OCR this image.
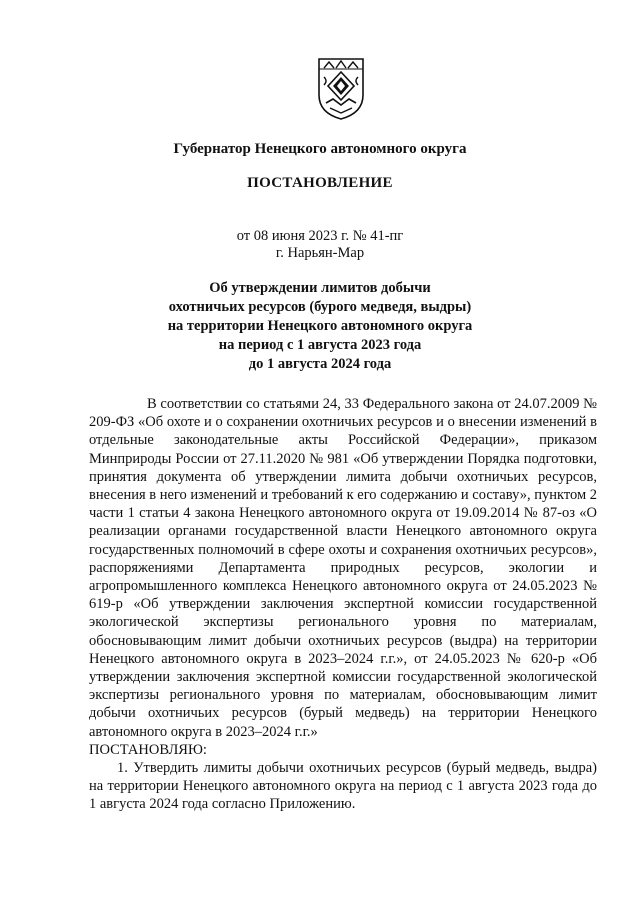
Губернатор Ненецкого автономного округа
ПОСТАНОВЛЕНИЕ
от 08 июня 2023 г. № 41-пг
г. Нарьян-Мар
Об утверждении лимитов добычи
охотничьих ресурсов (бурого медведя, выдры)
на территории Ненецкого автономного округа
на период с 1 августа 2023 года
до 1 августа 2024 года

В соответствии со статьями 24, 33 Федерального закона от 24.07.2009 № 209-ФЗ «Об охоте и о сохранении охотничьих ресурсов и о внесении изменений в отдельные законодательные акты Российской Федерации», приказом Минприроды России от 27.11.2020 № 981 «Об утверждении Порядка подготовки, принятия документа об утверждении лимита добычи охотничьих ресурсов, внесения в него изменений и требований к его содержанию и составу», пунктом 2 части 1 статьи 4 закона Ненецкого автономного округа от 19.09.2014 № 87-оз «О реализации органами государственной власти Ненецкого автономного округа государственных полномочий в сфере охоты и сохранения охотничьих ресурсов», распоряжениями Департамента природных ресурсов, экологии и агропромышленного комплекса Ненецкого автономного округа от 24.05.2023 № 619-р «Об утверждении заключения экспертной комиссии государственной экологической экспертизы регионального уровня по материалам, обосновывающим лимит добычи охотничьих ресурсов (выдра) на территории Ненецкого автономного округа в 2023–2024 г.г.», от 24.05.2023 № 620-р «Об утверждении заключения экспертной комиссии государственной экологической экспертизы регионального уровня по материалам, обосновывающим лимит добычи охотничьих ресурсов (бурый медведь) на территории Ненецкого автономного округа в 2023–2024 г.г.»

ПОСТАНОВЛЯЮ:

1. Утвердить лимиты добычи охотничьих ресурсов (бурый медведь, выдра) на территории Ненецкого автономного округа на период с 1 августа 2023 года до 1 августа 2024 года согласно Приложению.
